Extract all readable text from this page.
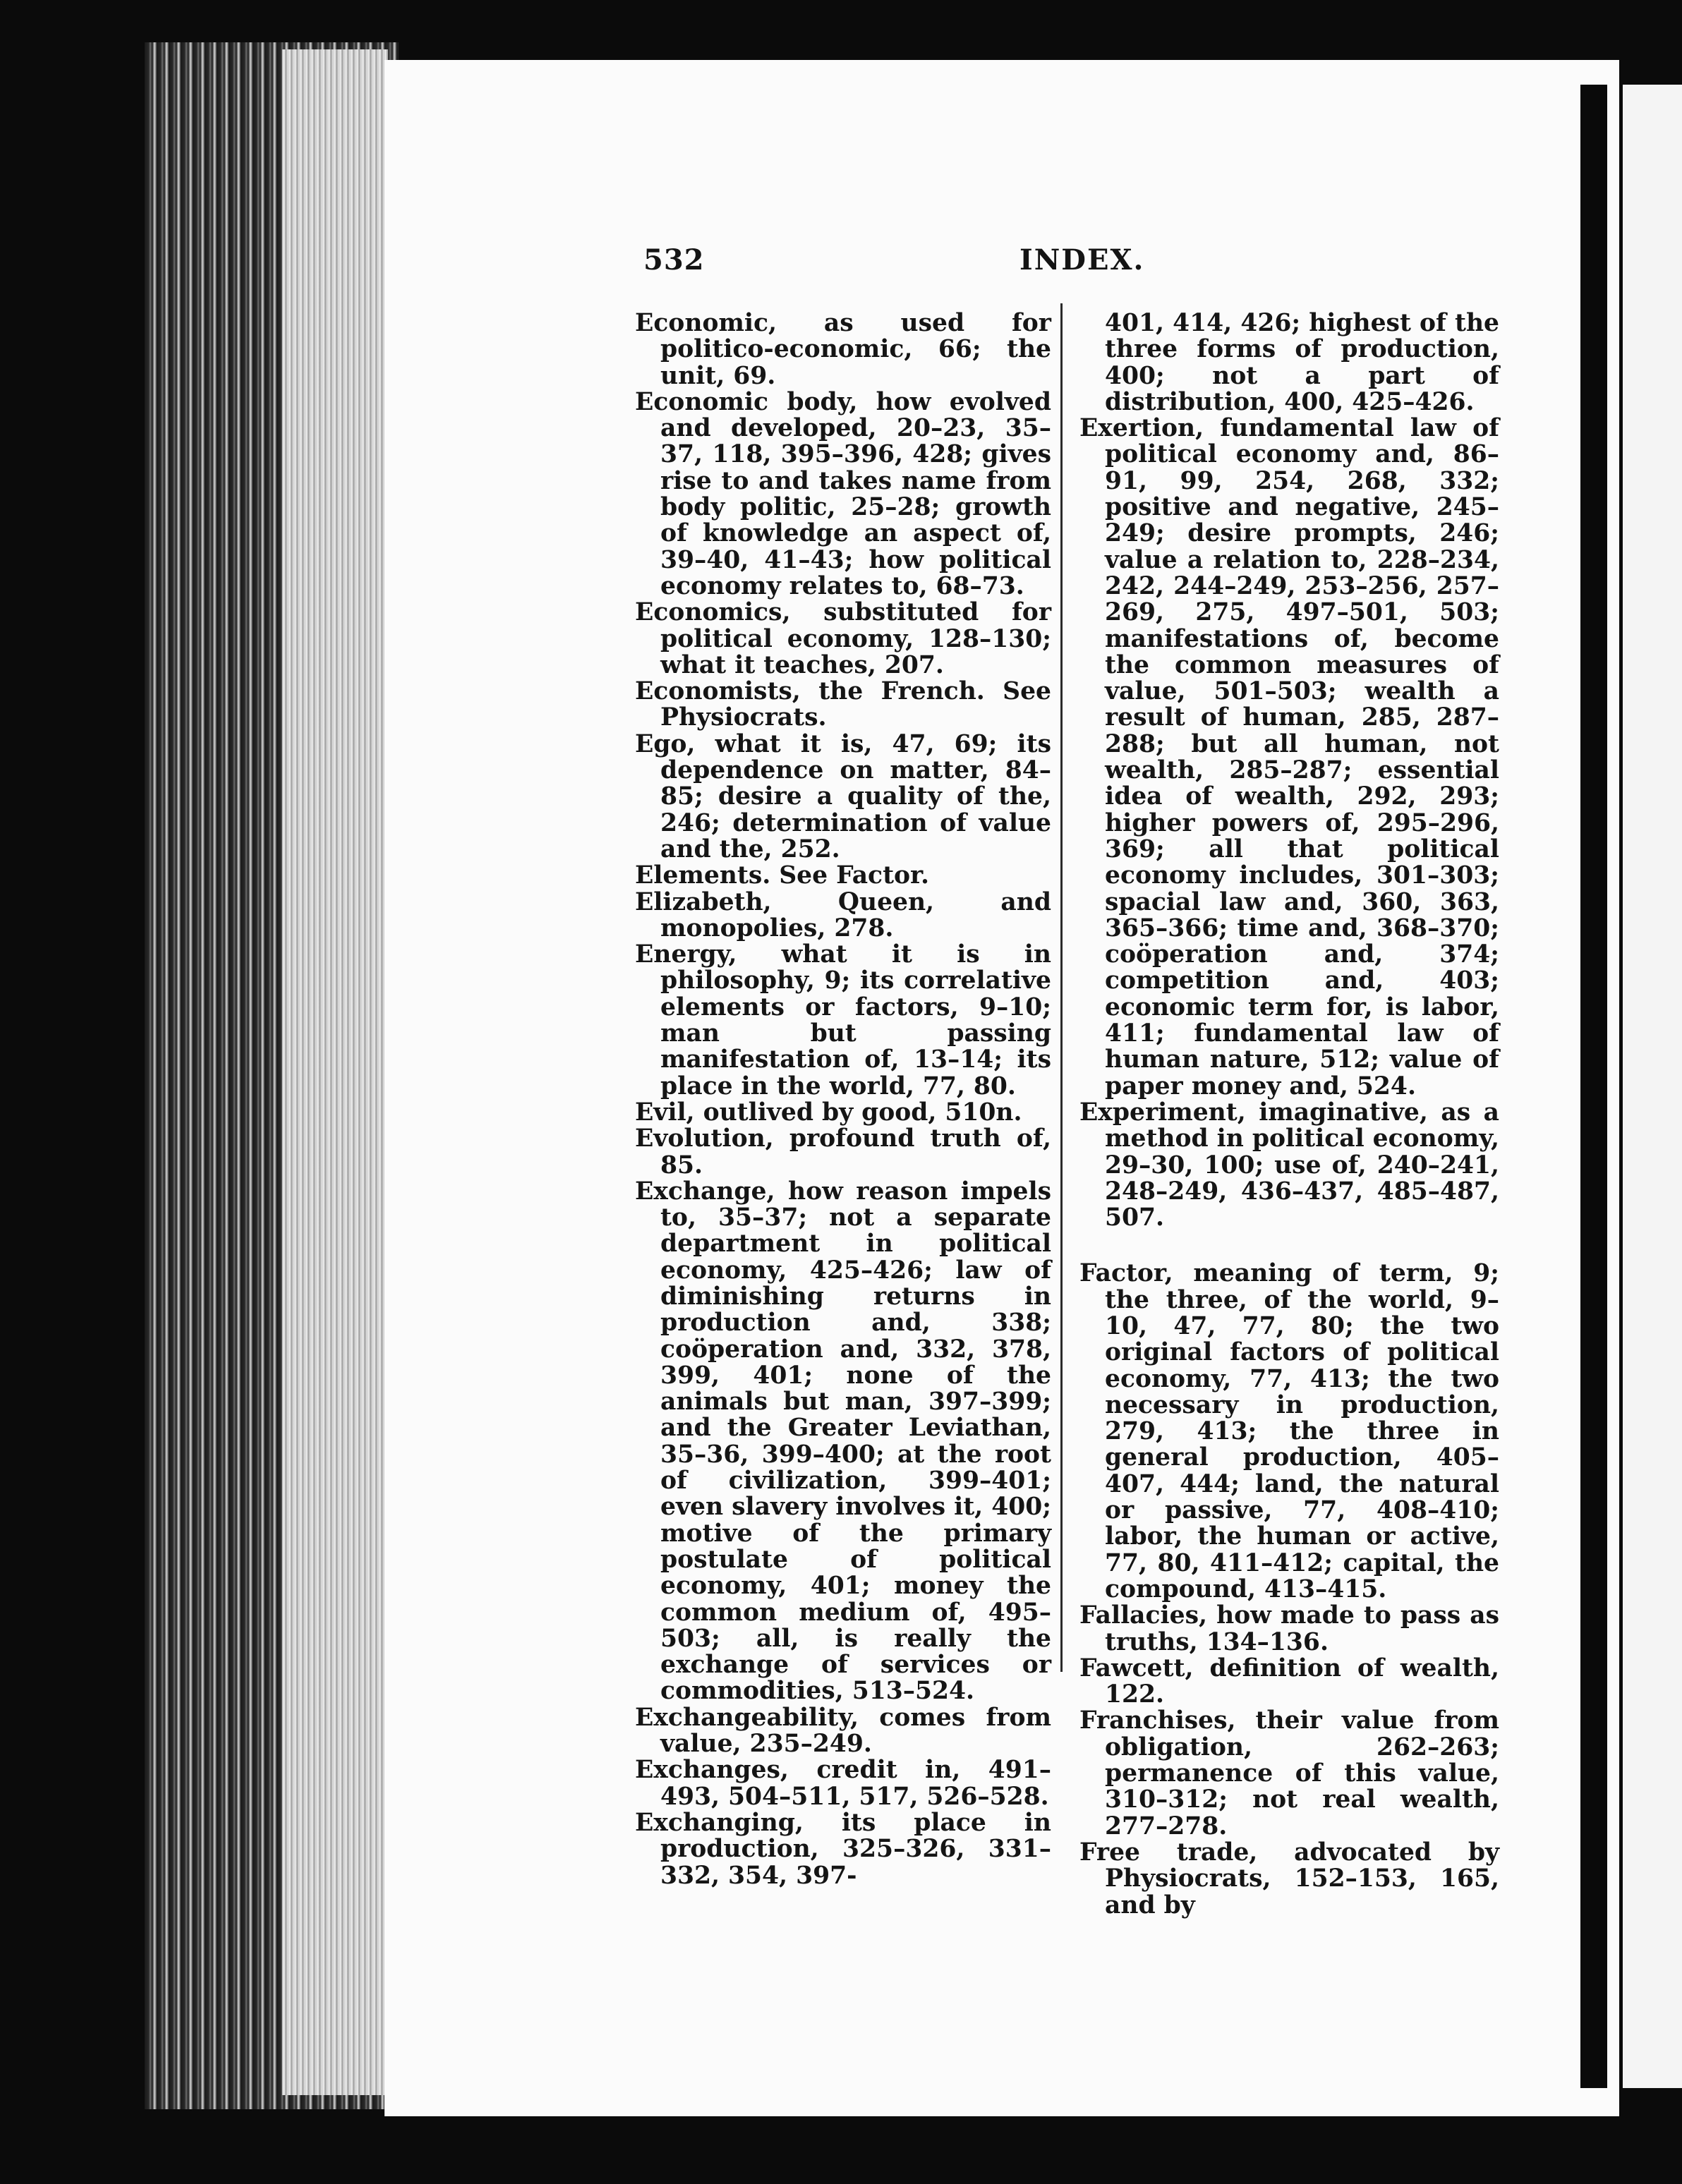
532	INDEX.
Economic, as used for politico-economic, 66; the unit, 69.
Economic body, how evolved and developed, 20–23, 35–37, 118, 395–396, 428; gives rise to and takes name from body politic, 25–28; growth of knowledge an aspect of, 39–40, 41–43; how political economy relates to, 68–73.
Economics, substituted for political economy, 128–130; what it teaches, 207.
Economists, the French. See Physiocrats.
Ego, what it is, 47, 69; its dependence on matter, 84–85; desire a quality of the, 246; determination of value and the, 252.
Elements. See Factor.
Elizabeth, Queen, and monopolies, 278.
Energy, what it is in philosophy, 9; its correlative elements or factors, 9–10; man but passing manifestation of, 13–14; its place in the world, 77, 80.
Evil, outlived by good, 510n.
Evolution, profound truth of, 85.
Exchange, how reason impels to, 35–37; not a separate department in political economy, 425–426; law of diminishing returns in production and, 338; coöperation and, 332, 378, 399, 401; none of the animals but man, 397–399; and the Greater Leviathan, 35–36, 399–400; at the root of civilization, 399–401; even slavery involves it, 400; motive of the primary postulate of political economy, 401; money the common medium of, 495–503; all, is really the exchange of services or commodities, 513–524.
Exchangeability, comes from value, 235–249.
Exchanges, credit in, 491–493, 504–511, 517, 526–528.
Exchanging, its place in production, 325–326, 331–332, 354, 397-
401, 414, 426; highest of the three forms of production, 400; not a part of distribution, 400, 425–426.
Exertion, fundamental law of political economy and, 86–91, 99, 254, 268, 332; positive and negative, 245–249; desire prompts, 246; value a relation to, 228–234, 242, 244–249, 253–256, 257–269, 275, 497–501, 503; manifestations of, become the common measures of value, 501–503; wealth a result of human, 285, 287–288; but all human, not wealth, 285–287; essential idea of wealth, 292, 293; higher powers of, 295–296, 369; all that political economy includes, 301–303; spacial law and, 360, 363, 365–366; time and, 368–370; coöperation and, 374; competition and, 403; economic term for, is labor, 411; fundamental law of human nature, 512; value of paper money and, 524.
Experiment, imaginative, as a method in political economy, 29–30, 100; use of, 240–241, 248–249, 436–437, 485–487, 507.
Factor, meaning of term, 9; the three, of the world, 9–10, 47, 77, 80; the two original factors of political economy, 77, 413; the two necessary in production, 279, 413; the three in general production, 405–407, 444; land, the natural or passive, 77, 408–410; labor, the human or active, 77, 80, 411–412; capital, the compound, 413–415.
Fallacies, how made to pass as truths, 134–136.
Fawcett, definition of wealth, 122.
Franchises, their value from obligation, 262–263; permanence of this value, 310–312; not real wealth, 277–278.
Free trade, advocated by Physiocrats, 152–153, 165, and by
